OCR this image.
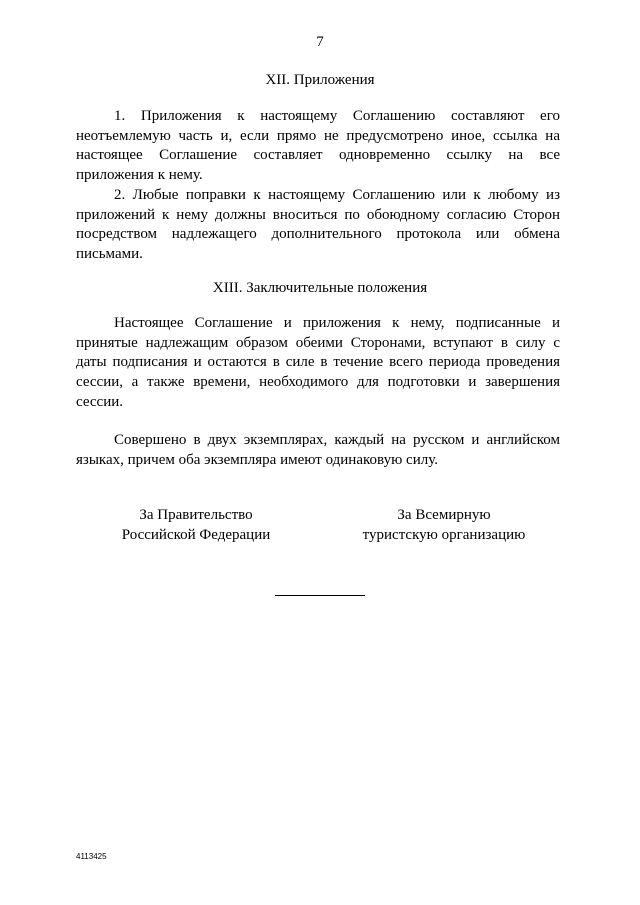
7
XII. Приложения

1. Приложения к настоящему Соглашению составляют его неотъемлемую часть и, если прямо не предусмотрено иное, ссылка на настоящее Соглашение составляет одновременно ссылку на все приложения к нему.

2. Любые поправки к настоящему Соглашению или к любому из приложений к нему должны вноситься по обоюдному согласию Сторон посредством надлежащего дополнительного протокола или обмена письмами.

XIII. Заключительные положения

Настоящее Соглашение и приложения к нему, подписанные и принятые надлежащим образом обеими Сторонами, вступают в силу с даты подписания и остаются в силе в течение всего периода проведения сессии, а также времени, необходимого для подготовки и завершения сессии.

Совершено в двух экземплярах, каждый на русском и английском языках, причем оба экземпляра имеют одинаковую силу.

За Правительство
Российской Федерации
За Всемирную
туристскую организацию
4113425
